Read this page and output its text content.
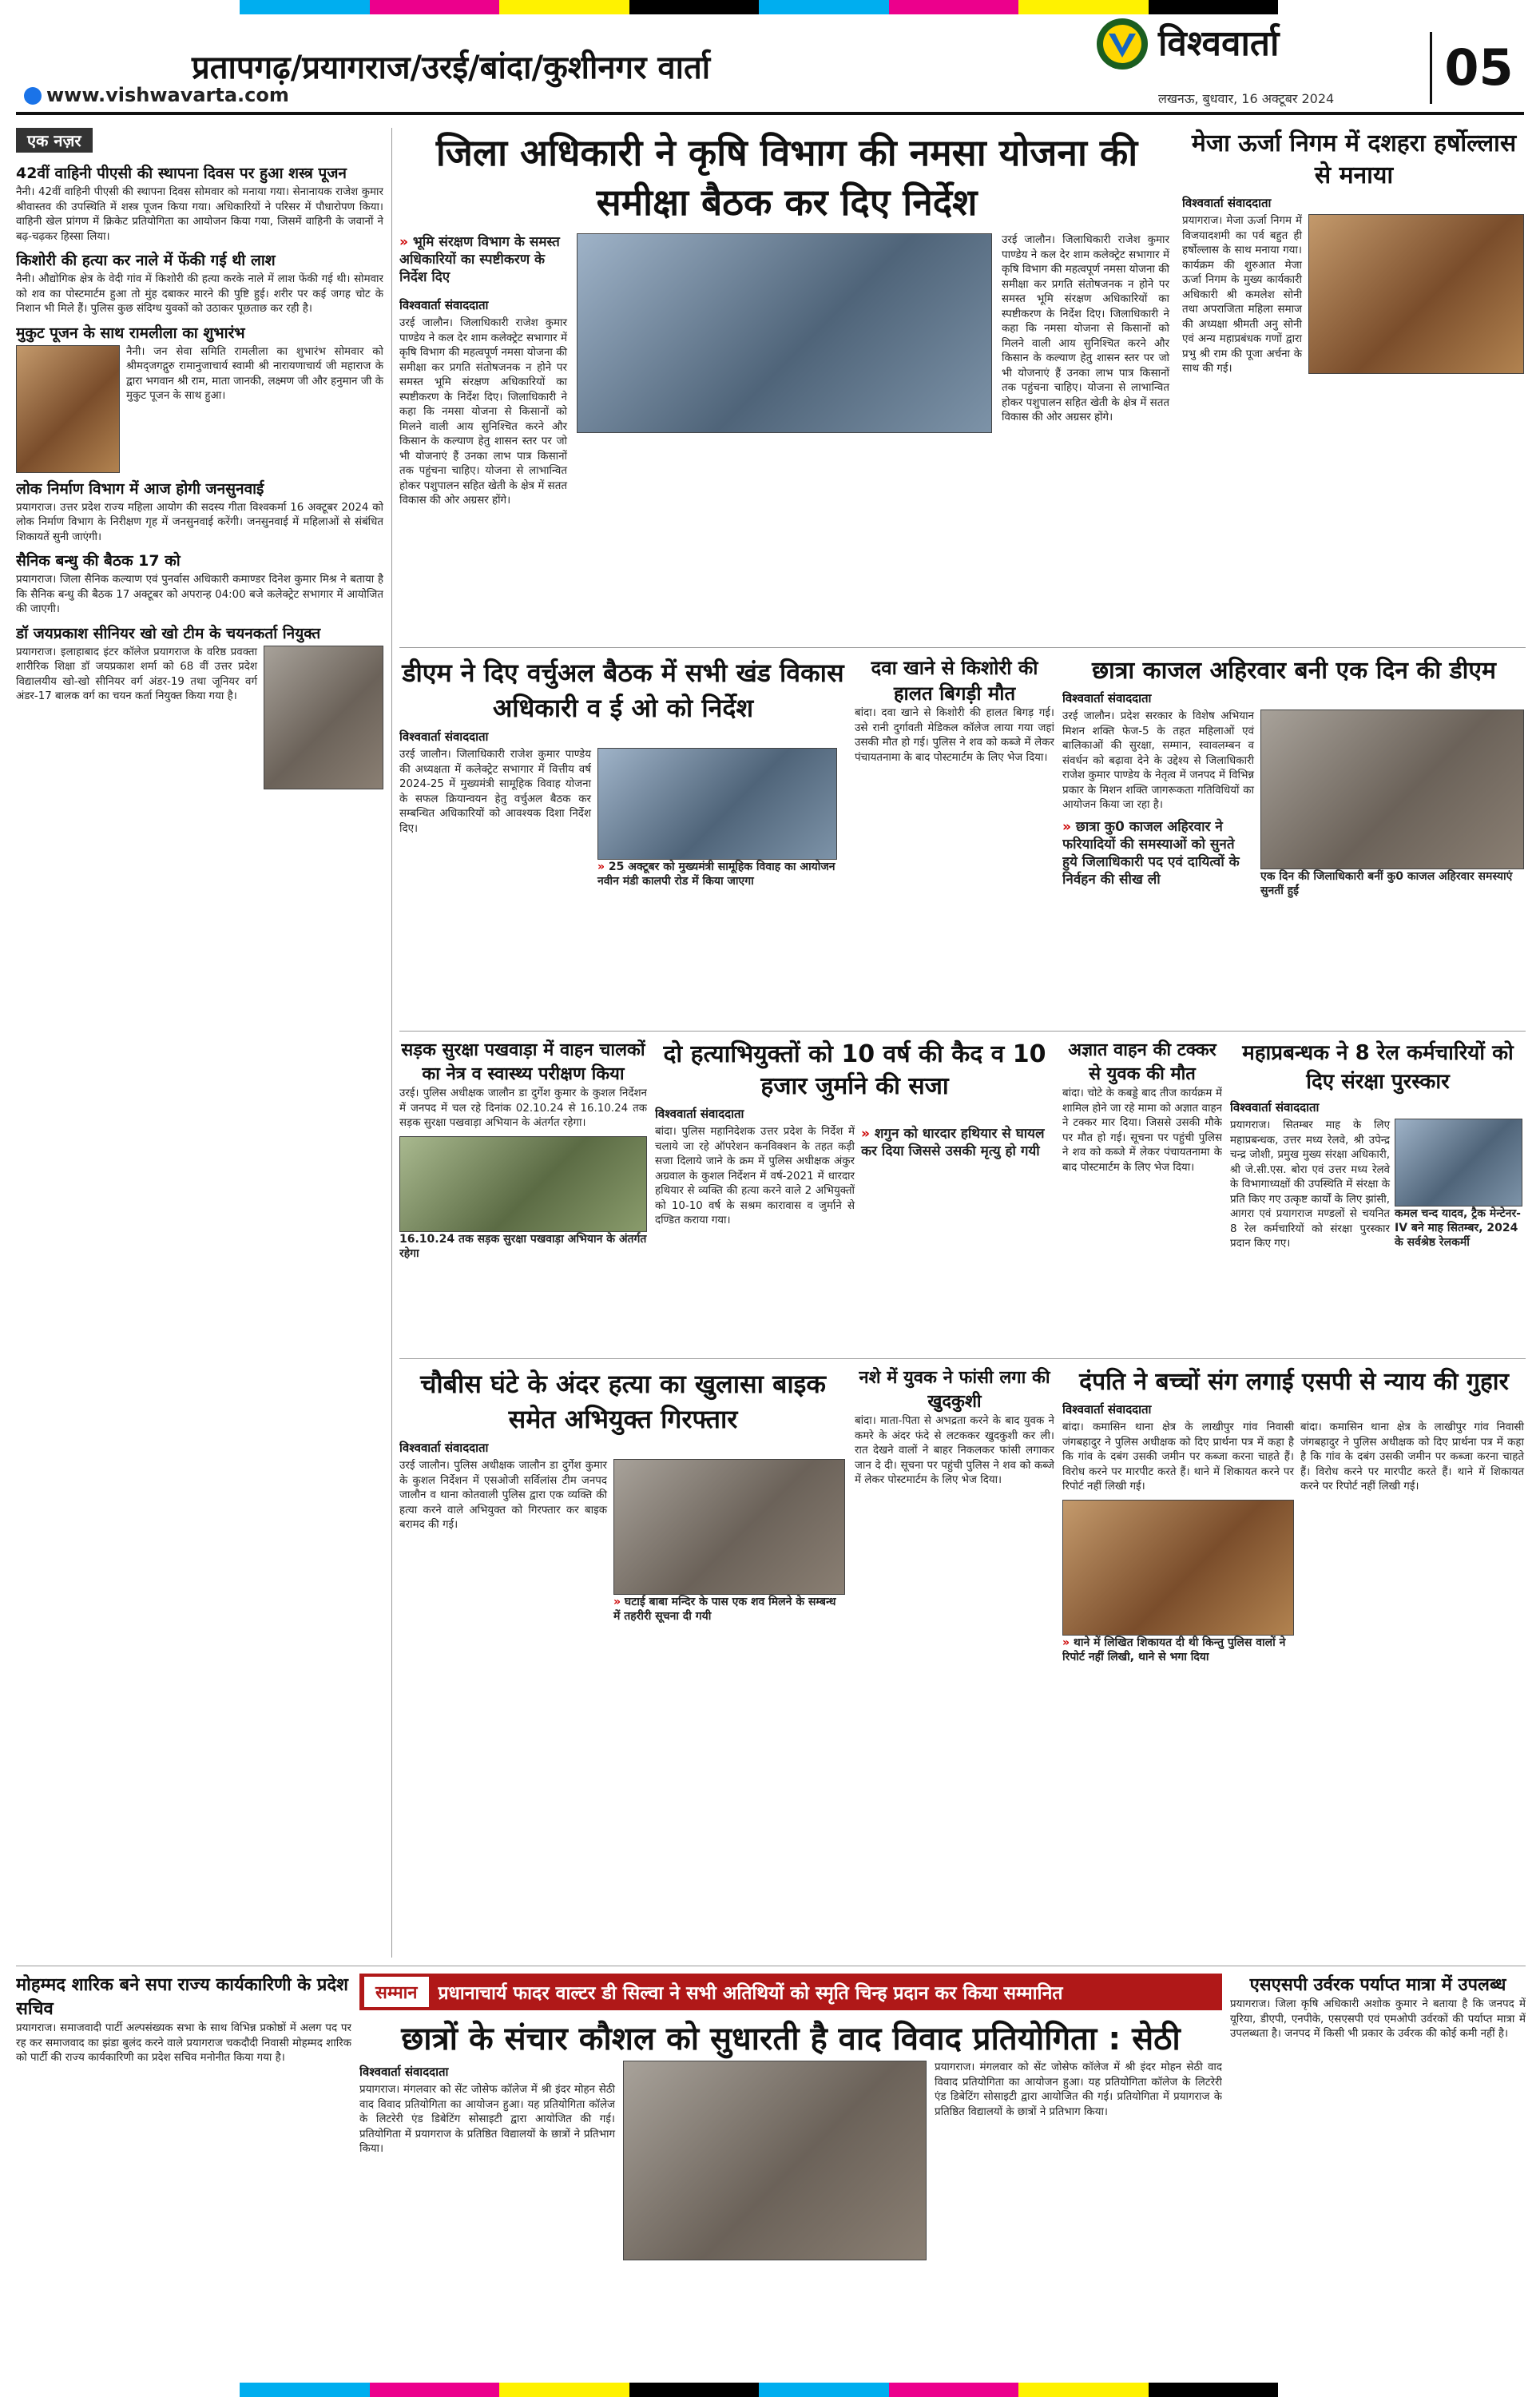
प्रतापगढ़/प्रयागराज/उरई/बांदा/कुशीनगर वार्ता
www.vishwavarta.com
विश्ववार्ता
लखनऊ, बुधवार, 16 अक्टूबर 2024
05
एक नज़र
42वीं वाहिनी पीएसी की स्थापना दिवस पर हुआ शस्त्र पूजन

नैनी। 42वीं वाहिनी पीएसी की स्थापना दिवस सोमवार को मनाया गया। सेनानायक राजेश कुमार श्रीवास्तव की उपस्थिति में शस्त्र पूजन किया गया। अधिकारियों ने परिसर में पौधारोपण किया। वाहिनी खेल प्रांगण में क्रिकेट प्रतियोगिता का आयोजन किया गया, जिसमें वाहिनी के जवानों ने बढ़-चढ़कर हिस्सा लिया।

किशोरी की हत्या कर नाले में फेंकी गई थी लाश

नैनी। औद्योगिक क्षेत्र के वेदी गांव में किशोरी की हत्या करके नाले में लाश फेंकी गई थी। सोमवार को शव का पोस्टमार्टम हुआ तो मुंह दबाकर मारने की पुष्टि हुई। शरीर पर कई जगह चोट के निशान भी मिले हैं। पुलिस कुछ संदिग्ध युवकों को उठाकर पूछताछ कर रही है।

मुकुट पूजन के साथ रामलीला का शुभारंभ

नैनी। जन सेवा समिति रामलीला का शुभारंभ सोमवार को श्रीमद्जगद्गुरु रामानुजाचार्य स्वामी श्री नारायणाचार्य जी महाराज के द्वारा भगवान श्री राम, माता जानकी, लक्ष्मण जी और हनुमान जी के मुकुट पूजन के साथ हुआ।

लोक निर्माण विभाग में आज होगी जनसुनवाई

प्रयागराज। उत्तर प्रदेश राज्य महिला आयोग की सदस्य गीता विश्वकर्मा 16 अक्टूबर 2024 को लोक निर्माण विभाग के निरीक्षण गृह में जनसुनवाई करेंगी। जनसुनवाई में महिलाओं से संबंधित शिकायतें सुनी जाएंगी।

सैनिक बन्धु की बैठक 17 को

प्रयागराज। जिला सैनिक कल्याण एवं पुनर्वास अधिकारी कमाण्डर दिनेश कुमार मिश्र ने बताया है कि सैनिक बन्धु की बैठक 17 अक्टूबर को अपरान्ह 04:00 बजे कलेक्ट्रेट सभागार में आयोजित की जाएगी।

डॉ जयप्रकाश सीनियर खो खो टीम के चयनकर्ता नियुक्त

प्रयागराज। इलाहाबाद इंटर कॉलेज प्रयागराज के वरिष्ठ प्रवक्ता शारीरिक शिक्षा डॉ जयप्रकाश शर्मा को 68 वीं उत्तर प्रदेश विद्यालयीय खो-खो सीनियर वर्ग अंडर-19 तथा जूनियर वर्ग अंडर-17 बालक वर्ग का चयन कर्ता नियुक्त किया गया है।

जिला अधिकारी ने कृषि विभाग की नमसा योजना की समीक्षा बैठक कर दिए निर्देश
» भूमि संरक्षण विभाग के समस्त अधिकारियों का स्पष्टीकरण के निर्देश दिए
विश्ववार्ता संवाददाता

उरई जालौन। जिलाधिकारी राजेश कुमार पाण्डेय ने कल देर शाम कलेक्ट्रेट सभागार में कृषि विभाग की महत्वपूर्ण नमसा योजना की समीक्षा कर प्रगति संतोषजनक न होने पर समस्त भूमि संरक्षण अधिकारियों का स्पष्टीकरण के निर्देश दिए। जिलाधिकारी ने कहा कि नमसा योजना से किसानों को मिलने वाली आय सुनिश्चित करने और किसान के कल्याण हेतु शासन स्तर पर जो भी योजनाएं हैं उनका लाभ पात्र किसानों तक पहुंचना चाहिए। योजना से लाभान्वित होकर पशुपालन सहित खेती के क्षेत्र में सतत विकास की ओर अग्रसर होंगे।

उरई जालौन। जिलाधिकारी राजेश कुमार पाण्डेय ने कल देर शाम कलेक्ट्रेट सभागार में कृषि विभाग की महत्वपूर्ण नमसा योजना की समीक्षा कर प्रगति संतोषजनक न होने पर समस्त भूमि संरक्षण अधिकारियों का स्पष्टीकरण के निर्देश दिए। जिलाधिकारी ने कहा कि नमसा योजना से किसानों को मिलने वाली आय सुनिश्चित करने और किसान के कल्याण हेतु शासन स्तर पर जो भी योजनाएं हैं उनका लाभ पात्र किसानों तक पहुंचना चाहिए। योजना से लाभान्वित होकर पशुपालन सहित खेती के क्षेत्र में सतत विकास की ओर अग्रसर होंगे।

मेजा ऊर्जा निगम में दशहरा हर्षोल्लास से मनाया
विश्ववार्ता संवाददाता

प्रयागराज। मेजा ऊर्जा निगम में विजयादशमी का पर्व बहुत ही हर्षोल्लास के साथ मनाया गया। कार्यक्रम की शुरुआत मेजा ऊर्जा निगम के मुख्य कार्यकारी अधिकारी श्री कमलेश सोनी तथा अपराजिता महिला समाज की अध्यक्षा श्रीमती अनु सोनी एवं अन्य महाप्रबंधक गणों द्वारा प्रभु श्री राम की पूजा अर्चना के साथ की गई।

डीएम ने दिए वर्चुअल बैठक में सभी खंड विकास अधिकारी व ई ओ को निर्देश
विश्ववार्ता संवाददाता

उरई जालौन। जिलाधिकारी राजेश कुमार पाण्डेय की अध्यक्षता में कलेक्ट्रेट सभागार में वित्तीय वर्ष 2024-25 में मुख्यमंत्री सामूहिक विवाह योजना के सफल क्रियान्वयन हेतु वर्चुअल बैठक कर सम्बन्धित अधिकारियों को आवश्यक दिशा निर्देश दिए।

» 25 अक्टूबर को मुख्यमंत्री सामूहिक विवाह का आयोजन नवीन मंडी कालपी रोड में किया जाएगा
दवा खाने से किशोरी की हालत बिगड़ी मौत

बांदा। दवा खाने से किशोरी की हालत बिगड़ गई। उसे रानी दुर्गावती मेडिकल कॉलेज लाया गया जहां उसकी मौत हो गई। पुलिस ने शव को कब्जे में लेकर पंचायतनामा के बाद पोस्टमार्टम के लिए भेज दिया।

छात्रा काजल अहिरवार बनी एक दिन की डीएम
विश्ववार्ता संवाददाता

उरई जालौन। प्रदेश सरकार के विशेष अभियान मिशन शक्ति फेज-5 के तहत महिलाओं एवं बालिकाओं की सुरक्षा, सम्मान, स्वावलम्बन व संवर्धन को बढ़ावा देने के उद्देश्य से जिलाधिकारी राजेश कुमार पाण्डेय के नेतृत्व में जनपद में विभिन्न प्रकार के मिशन शक्ति जागरूकता गतिविधियों का आयोजन किया जा रहा है।

» छात्रा कु0 काजल अहिरवार ने फरियादियों की समस्याओं को सुनते हुये जिलाधिकारी पद एवं दायित्वों के निर्वहन की सीख ली	एक दिन की जिलाधिकारी बनीं कु0 काजल अहिरवार समस्याएं सुनतीं हुईं
सड़क सुरक्षा पखवाड़ा में वाहन चालकों का नेत्र व स्वास्थ्य परीक्षण किया

उरई। पुलिस अधीक्षक जालौन डा दुर्गेश कुमार के कुशल निर्देशन में जनपद में चल रहे दिनांक 02.10.24 से 16.10.24 तक सड़क सुरक्षा पखवाड़ा अभियान के अंतर्गत रहेगा।

16.10.24 तक सड़क सुरक्षा पखवाड़ा अभियान के अंतर्गत रहेगा
दो हत्याभियुक्तों को 10 वर्ष की कैद व 10 हजार जुर्माने की सजा
विश्ववार्ता संवाददाता

बांदा। पुलिस महानिदेशक उत्तर प्रदेश के निर्देश में चलाये जा रहे ऑपरेशन कनविक्शन के तहत कड़ी सजा दिलाये जाने के क्रम में पुलिस अधीक्षक अंकुर अग्रवाल के कुशल निर्देशन में वर्ष-2021 में धारदार हथियार से व्यक्ति की हत्या करने वाले 2 अभियुक्तों को 10-10 वर्ष के सश्रम कारावास व जुर्माने से दण्डित कराया गया।

» शगुन को धारदार हथियार से घायल कर दिया जिससे उसकी मृत्यु हो गयी
अज्ञात वाहन की टक्कर से युवक की मौत

बांदा। चोटे के कबड्डे बाद तीज कार्यक्रम में शामिल होने जा रहे मामा को अज्ञात वाहन ने टक्कर मार दिया। जिससे उसकी मौके पर मौत हो गई। सूचना पर पहुंची पुलिस ने शव को कब्जे में लेकर पंचायतनामा के बाद पोस्टमार्टम के लिए भेज दिया।

महाप्रबन्धक ने 8 रेल कर्मचारियों को दिए संरक्षा पुरस्कार
विश्ववार्ता संवाददाता

प्रयागराज। सितम्बर माह के लिए महाप्रबन्धक, उत्तर मध्य रेलवे, श्री उपेन्द्र चन्द्र जोशी, प्रमुख मुख्य संरक्षा अधिकारी, श्री जे.सी.एस. बोरा एवं उत्तर मध्य रेलवे के विभागाध्यक्षों की उपस्थिति में संरक्षा के प्रति किए गए उत्कृष्ट कार्यों के लिए झांसी, आगरा एवं प्रयागराज मण्डलों से चयनित 8 रेल कर्मचारियों को संरक्षा पुरस्कार प्रदान किए गए।

कमल चन्द यादव, ट्रैक मेन्टेनर-IV बने माह सितम्बर, 2024 के सर्वश्रेष्ठ रेलकर्मी
चौबीस घंटे के अंदर हत्या का खुलासा बाइक समेत अभियुक्त गिरफ्तार
विश्ववार्ता संवाददाता

उरई जालौन। पुलिस अधीक्षक जालौन डा दुर्गेश कुमार के कुशल निर्देशन में एसओजी सर्विलांस टीम जनपद जालौन व थाना कोतवाली पुलिस द्वारा एक व्यक्ति की हत्या करने वाले अभियुक्त को गिरफ्तार कर बाइक बरामद की गई।

» घटाई बाबा मन्दिर के पास एक शव मिलने के सम्बन्ध में तहरीरी सूचना दी गयी
नशे में युवक ने फांसी लगा की खुदकुशी

बांदा। माता-पिता से अभद्रता करने के बाद युवक ने कमरे के अंदर फंदे से लटककर खुदकुशी कर ली। रात देखने वालों ने बाहर निकलकर फांसी लगाकर जान दे दी। सूचना पर पहुंची पुलिस ने शव को कब्जे में लेकर पोस्टमार्टम के लिए भेज दिया।

दंपति ने बच्चों संग लगाई एसपी से न्याय की गुहार
विश्ववार्ता संवाददाता

बांदा। कमासिन थाना क्षेत्र के लाखीपुर गांव निवासी जंगबहादुर ने पुलिस अधीक्षक को दिए प्रार्थना पत्र में कहा है कि गांव के दबंग उसकी जमीन पर कब्जा करना चाहते हैं। विरोध करने पर मारपीट करते हैं। थाने में शिकायत करने पर रिपोर्ट नहीं लिखी गई।

» थाने में लिखित शिकायत दी थी किन्तु पुलिस वालों ने रिपोर्ट नहीं लिखी, थाने से भगा दिया

बांदा। कमासिन थाना क्षेत्र के लाखीपुर गांव निवासी जंगबहादुर ने पुलिस अधीक्षक को दिए प्रार्थना पत्र में कहा है कि गांव के दबंग उसकी जमीन पर कब्जा करना चाहते हैं। विरोध करने पर मारपीट करते हैं। थाने में शिकायत करने पर रिपोर्ट नहीं लिखी गई।

मोहम्मद शारिक बने सपा राज्य कार्यकारिणी के प्रदेश सचिव

प्रयागराज। समाजवादी पार्टी अल्पसंख्यक सभा के साथ विभिन्न प्रकोष्ठों में अलग पद पर रह कर समाजवाद का झंडा बुलंद करने वाले प्रयागराज चकदौदी निवासी मोहम्मद शारिक को पार्टी की राज्य कार्यकारिणी का प्रदेश सचिव मनोनीत किया गया है।

सम्मान	प्रधानाचार्य फादर वाल्टर डी सिल्वा ने सभी अतिथियों को स्मृति चिन्ह प्रदान कर किया सम्मानित
छात्रों के संचार कौशल को सुधारती है वाद विवाद प्रतियोगिता : सेठी
विश्ववार्ता संवाददाता

प्रयागराज। मंगलवार को सेंट जोसेफ कॉलेज में श्री इंदर मोहन सेठी वाद विवाद प्रतियोगिता का आयोजन हुआ। यह प्रतियोगिता कॉलेज के लिटरेरी एंड डिबेटिंग सोसाइटी द्वारा आयोजित की गई। प्रतियोगिता में प्रयागराज के प्रतिष्ठित विद्यालयों के छात्रों ने प्रतिभाग किया।

प्रयागराज। मंगलवार को सेंट जोसेफ कॉलेज में श्री इंदर मोहन सेठी वाद विवाद प्रतियोगिता का आयोजन हुआ। यह प्रतियोगिता कॉलेज के लिटरेरी एंड डिबेटिंग सोसाइटी द्वारा आयोजित की गई। प्रतियोगिता में प्रयागराज के प्रतिष्ठित विद्यालयों के छात्रों ने प्रतिभाग किया।

एसएसपी उर्वरक पर्याप्त मात्रा में उपलब्ध

प्रयागराज। जिला कृषि अधिकारी अशोक कुमार ने बताया है कि जनपद में यूरिया, डीएपी, एनपीके, एसएसपी एवं एमओपी उर्वरकों की पर्याप्त मात्रा में उपलब्धता है। जनपद में किसी भी प्रकार के उर्वरक की कोई कमी नहीं है।
